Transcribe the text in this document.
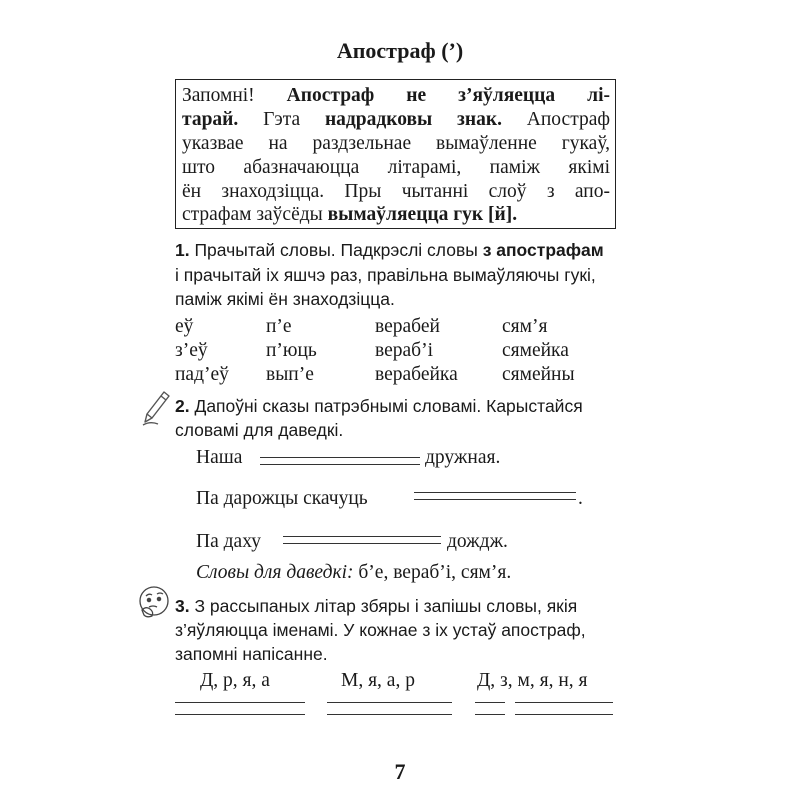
Апостраф (’)
Запомні! Апостраф не з’яўляецца лі-
тарай. Гэта надрадковы знак. Апостраф
указвае на раздзельнае вымаўленне гукаў,
што абазначаюцца літарамі, паміж якімі
ён знаходзіцца. Пры чытанні слоў з апо-
страфам заўсёды вымаўляецца гук [й].
1. Прачытай словы. Падкрэслі словы з апострафам
і прачытай іх яшчэ раз, правільна вымаўляючы гукі,
паміж якімі ён знаходзіцца.
еў	п’е	верабей	сям’я
з’еў	п’юць	вераб’і	сямейка
пад’еў вып’е	верабейка сямейны
2. Дапоўні сказы патрэбнымі словамі. Карыстайся
словамі для даведкі.
Наша	дружная.
Па дарожцы скачуць	.
Па даху	дождж.
Словы для даведкі: б’е, вераб’і, сям’я.
3. З рассыпаных літар збяры і запішы словы, якія
з’яўляюцца іменамі. У кожнае з іх устаў апостраф,
запомні напісанне.
Д, р, я, а	М, я, а, р	Д, з, м, я, н, я
7
